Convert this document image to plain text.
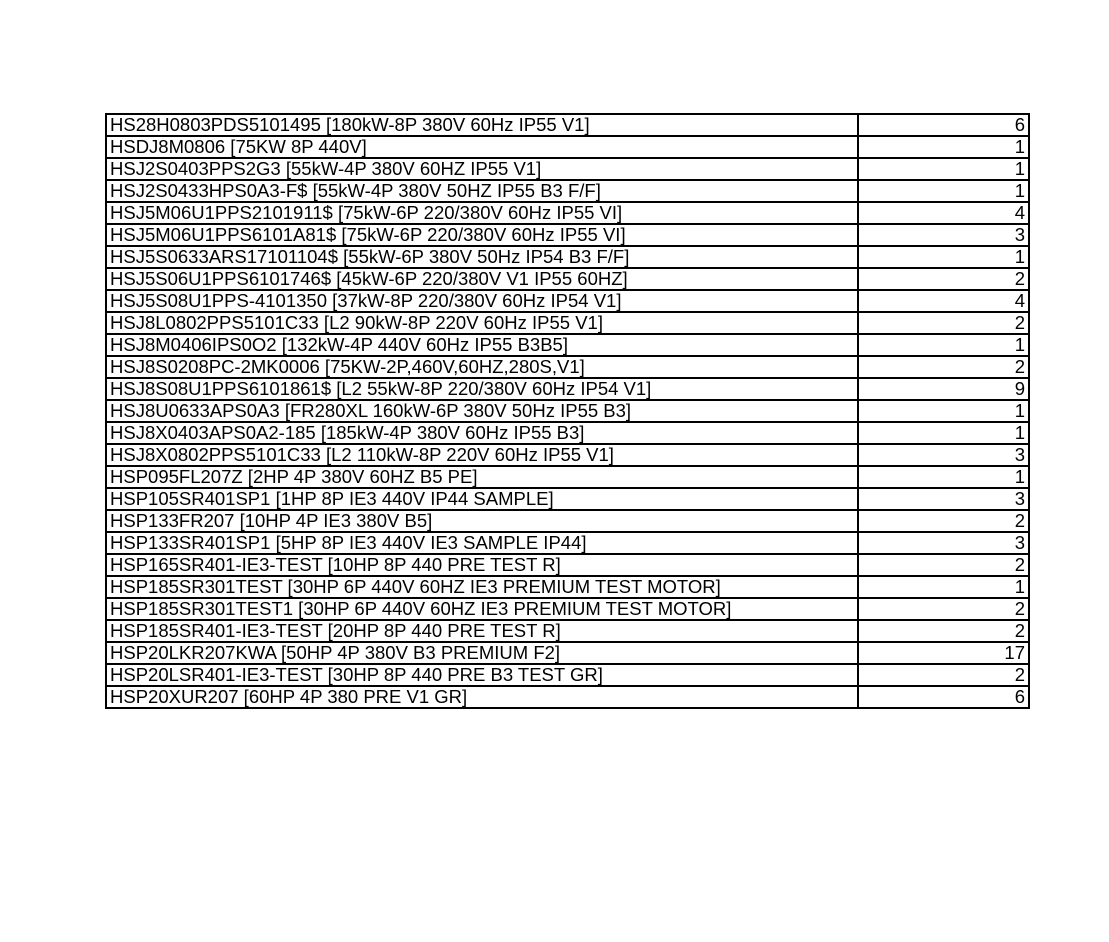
HS28H0803PDS5101495 [180kW-8P 380V 60Hz IP55 V1]	6
HSDJ8M0806 [75KW 8P 440V]	1
HSJ2S0403PPS2G3 [55kW-4P 380V 60HZ IP55 V1]	1
HSJ2S0433HPS0A3-F$ [55kW-4P 380V 50HZ IP55 B3 F/F]	1
HSJ5M06U1PPS2101911$ [75kW-6P 220/380V 60Hz IP55 VI]	4
HSJ5M06U1PPS6101A81$ [75kW-6P 220/380V 60Hz IP55 VI]	3
HSJ5S0633ARS17101104$ [55kW-6P 380V 50Hz IP54 B3 F/F]	1
HSJ5S06U1PPS6101746$ [45kW-6P 220/380V V1 IP55 60HZ]	2
HSJ5S08U1PPS-4101350 [37kW-8P 220/380V 60Hz IP54 V1]	4
HSJ8L0802PPS5101C33 [L2 90kW-8P 220V 60Hz IP55 V1]	2
HSJ8M0406IPS0O2 [132kW-4P 440V 60Hz IP55 B3B5]	1
HSJ8S0208PC-2MK0006 [75KW-2P,460V,60HZ,280S,V1]	2
HSJ8S08U1PPS6101861$ [L2 55kW-8P 220/380V 60Hz IP54 V1]	9
HSJ8U0633APS0A3 [FR280XL 160kW-6P 380V 50Hz IP55 B3]	1
HSJ8X0403APS0A2-185 [185kW-4P 380V 60Hz IP55 B3]	1
HSJ8X0802PPS5101C33 [L2 110kW-8P 220V 60Hz IP55 V1]	3
HSP095FL207Z [2HP 4P 380V 60HZ B5 PE]	1
HSP105SR401SP1 [1HP 8P IE3 440V IP44 SAMPLE]	3
HSP133FR207 [10HP 4P IE3 380V B5]	2
HSP133SR401SP1 [5HP 8P IE3 440V IE3 SAMPLE IP44]	3
HSP165SR401-IE3-TEST [10HP 8P 440 PRE TEST R]	2
HSP185SR301TEST [30HP 6P 440V 60HZ IE3 PREMIUM TEST MOTOR]	1
HSP185SR301TEST1 [30HP 6P 440V 60HZ IE3 PREMIUM TEST MOTOR]	2
HSP185SR401-IE3-TEST [20HP 8P 440 PRE TEST R]	2
HSP20LKR207KWA [50HP 4P 380V B3 PREMIUM F2]	17
HSP20LSR401-IE3-TEST [30HP 8P 440 PRE B3 TEST GR]	2
HSP20XUR207 [60HP 4P 380 PRE V1 GR]	6
